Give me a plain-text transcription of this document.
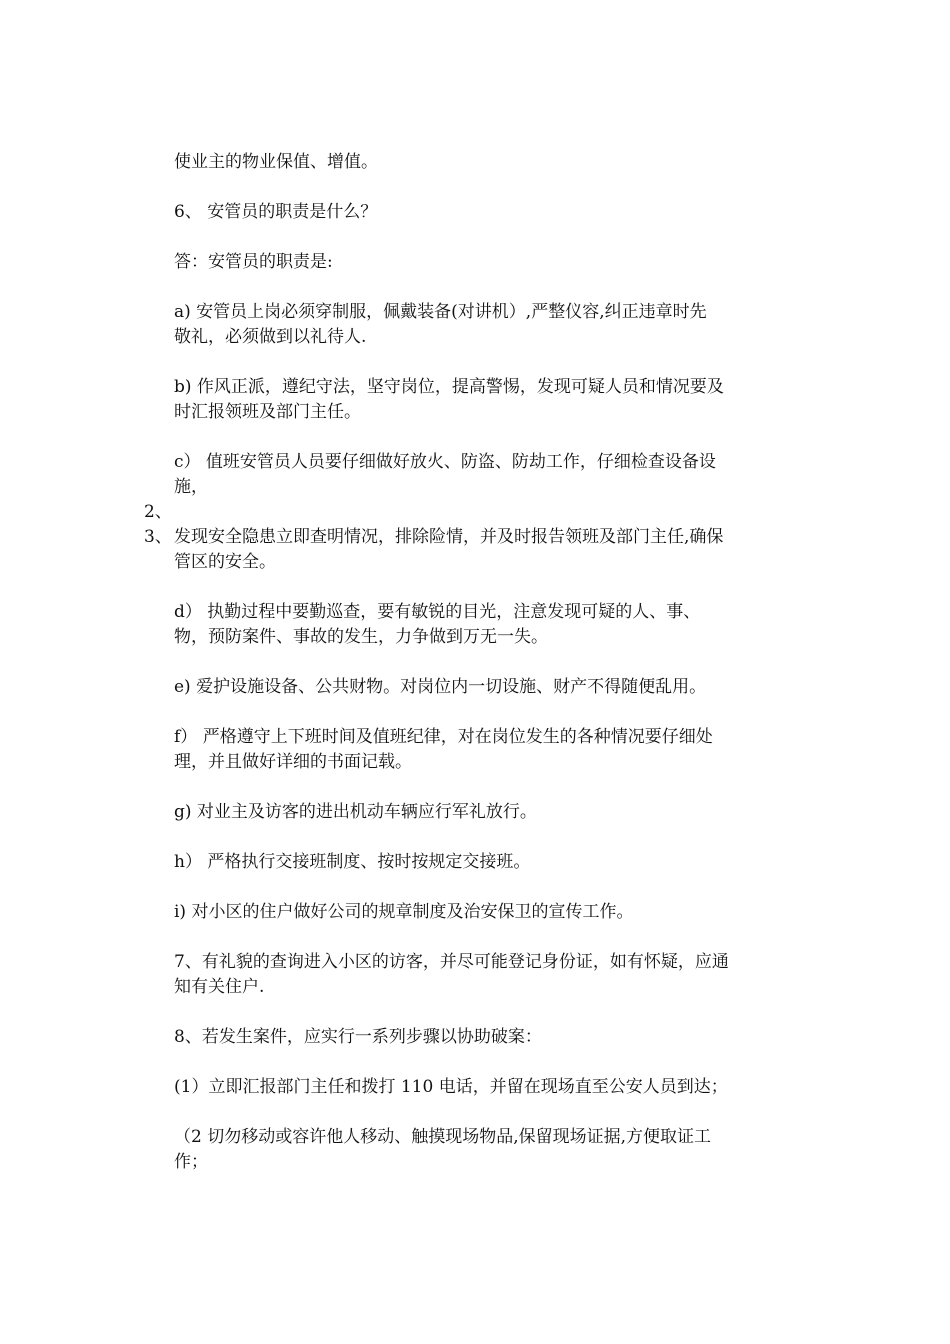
使业主的物业保值、增值。
6、 安管员的职责是什么？
答：安管员的职责是:
a) 安管员上岗必须穿制服，佩戴装备(对讲机）,严整仪容,纠正违章时先
敬礼，必须做到以礼待人.
b) 作风正派，遵纪守法，坚守岗位，提高警惕，发现可疑人员和情况要及
时汇报领班及部门主任。
c） 值班安管员人员要仔细做好放火、防盗、防劫工作，仔细检查设备设
施，
2、
3、 发现安全隐患立即查明情况，排除险情，并及时报告领班及部门主任,确保
管区的安全。
d） 执勤过程中要勤巡查，要有敏锐的目光，注意发现可疑的人、事、
物，预防案件、事故的发生，力争做到万无一失。
e) 爱护设施设备、公共财物。对岗位内一切设施、财产不得随便乱用。
f） 严格遵守上下班时间及值班纪律，对在岗位发生的各种情况要仔细处
理，并且做好详细的书面记载。
g) 对业主及访客的进出机动车辆应行军礼放行。
h） 严格执行交接班制度、按时按规定交接班。
i) 对小区的住户做好公司的规章制度及治安保卫的宣传工作。
7、有礼貌的查询进入小区的访客，并尽可能登记身份证，如有怀疑，应通
知有关住户.
8、若发生案件，应实行一系列步骤以协助破案：
(1）立即汇报部门主任和拨打 110 电话，并留在现场直至公安人员到达；
（2 切勿移动或容许他人移动、触摸现场物品,保留现场证据,方便取证工
作；
